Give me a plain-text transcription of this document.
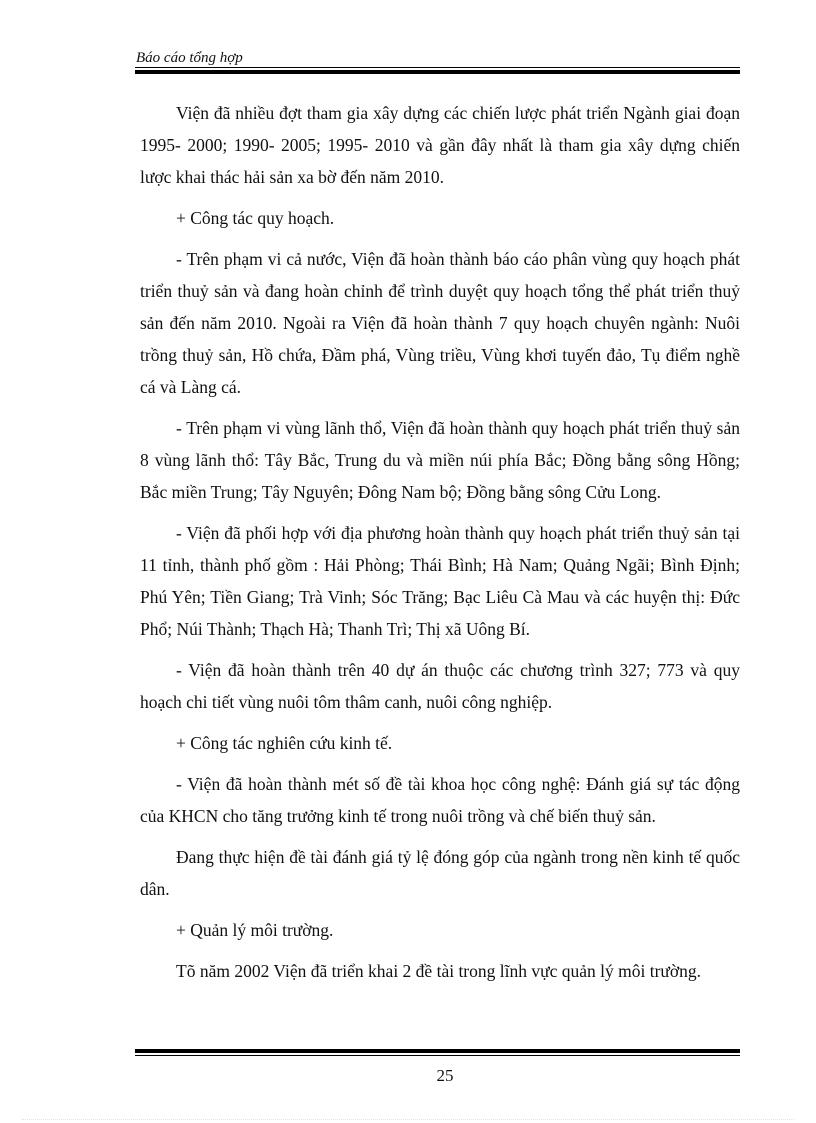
Báo cáo tổng hợp

Viện đã nhiều đợt tham gia xây dựng các chiến lược phát triển Ngành giai đoạn 1995- 2000; 1990- 2005; 1995- 2010 và gần đây nhất là tham gia xây dựng chiến lược khai thác hải sản xa bờ đến năm 2010.

+ Công tác quy hoạch.

- Trên phạm vi cả nước, Viện đã hoàn thành báo cáo phân vùng quy hoạch phát triển thuỷ sản và đang hoàn chỉnh để trình duyệt quy hoạch tổng thể phát triển thuỷ sản đến năm 2010. Ngoài ra Viện đã hoàn thành 7 quy hoạch chuyên ngành: Nuôi trồng thuỷ sản, Hồ chứa, Đầm phá, Vùng triều, Vùng khơi tuyến đảo, Tụ điểm nghề cá và Làng cá.

- Trên phạm vi vùng lãnh thổ, Viện đã hoàn thành quy hoạch phát triển thuỷ sản 8 vùng lãnh thổ: Tây Bắc, Trung du và miền núi phía Bắc; Đồng bằng sông Hồng; Bắc miền Trung; Tây Nguyên; Đông Nam bộ; Đồng bằng sông Cửu Long.

- Viện đã phối hợp với địa phương hoàn thành quy hoạch phát triển thuỷ sản tại 11 tỉnh, thành phố gồm : Hải Phòng; Thái Bình; Hà Nam; Quảng Ngãi; Bình Định; Phú Yên; Tiền Giang; Trà Vinh; Sóc Trăng; Bạc Liêu Cà Mau và các huyện thị: Đức Phổ; Núi Thành; Thạch Hà; Thanh Trì; Thị xã Uông Bí.

- Viện đã hoàn thành trên 40 dự án thuộc các chương trình 327; 773 và quy hoạch chi tiết vùng nuôi tôm thâm canh, nuôi công nghiệp.

+ Công tác nghiên cứu kinh tế.

- Viện đã hoàn thành mét số đề tài khoa học công nghệ: Đánh giá sự tác động của KHCN cho tăng trưởng kinh tế trong nuôi trồng và chế biến thuỷ sản.

Đang thực hiện đề tài đánh giá tỷ lệ đóng góp của ngành trong nền kinh tế quốc dân.

+ Quản lý môi trường.

Tõ năm 2002 Viện đã triển khai 2 đề tài trong lĩnh vực quản lý môi trường.

25
